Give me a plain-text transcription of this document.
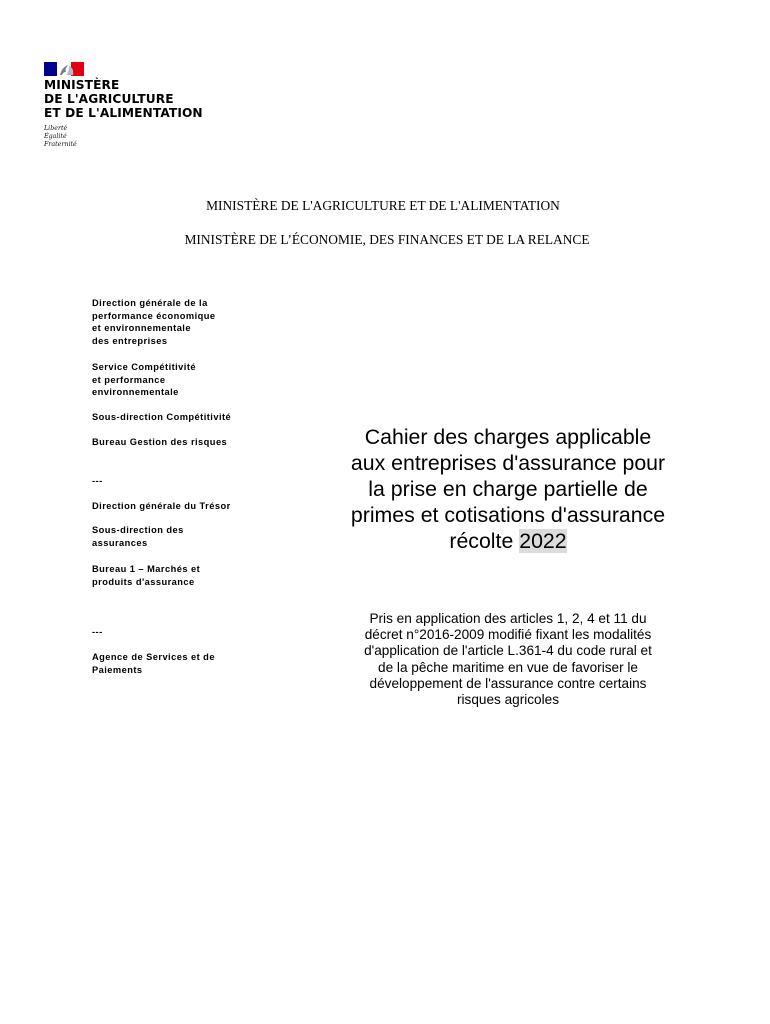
MINISTÈRE
DE L'AGRICULTURE
ET DE L'ALIMENTATION
Liberté
Égalité
Fraternité
MINISTÈRE DE L'AGRICULTURE ET DE L'ALIMENTATION
MINISTÈRE DE L’ÉCONOMIE, DES FINANCES ET DE LA RELANCE
Direction générale de la
performance économique
et environnementale
des entreprises
Service Compétitivité
et performance
environnementale
Sous-direction Compétitivité
Bureau Gestion des risques
---
Direction générale du Trésor
Sous-direction des
assurances
Bureau 1 – Marchés et
produits d'assurance
---
Agence de Services et de
Paiements
Cahier des charges applicable
aux entreprises d'assurance pour
la prise en charge partielle de
primes et cotisations d'assurance
récolte 2022
Pris en application des articles 1, 2, 4 et 11 du
décret n°2016-2009 modifié fixant les modalités
d'application de l'article L.361-4 du code rural et
de la pêche maritime en vue de favoriser le
développement de l'assurance contre certains
risques agricoles
